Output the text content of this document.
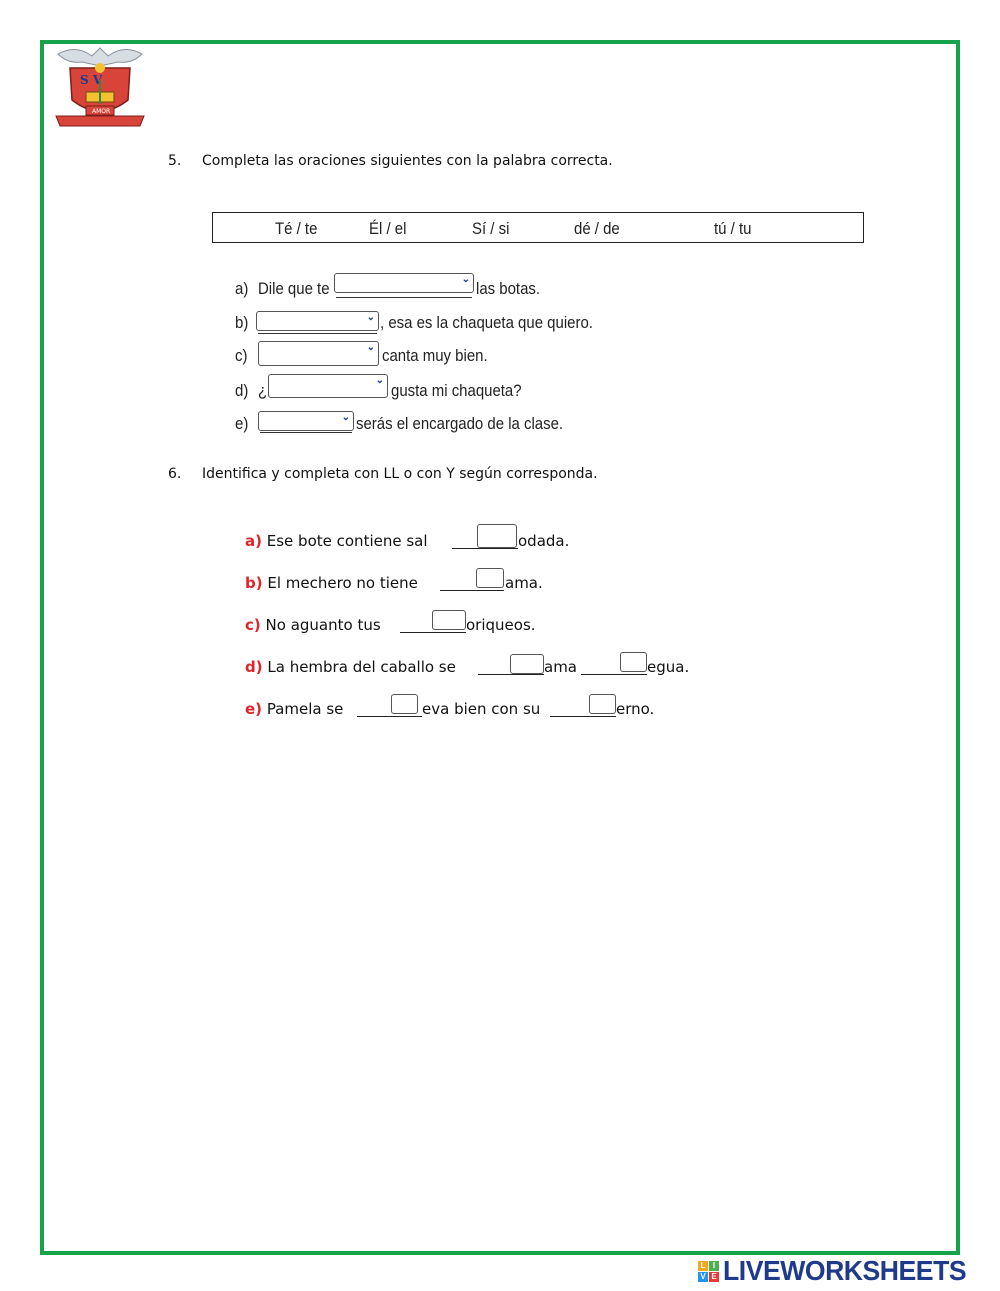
S V
AMOR
5. Completa las oraciones siguientes con la palabra correcta.
Té / te	Él / el	Sí / si	dé / de	tú / tu
a) Dile que te	las botas.
⌄
b)	, esa es la chaqueta que quiero.
⌄
c)	canta muy bien.
⌄
d) ¿	gusta mi chaqueta?
⌄
e)	serás el encargado de la clase.
⌄
6. Identifica y completa con LL o con Y según corresponda.
a) Ese bote contiene sal	odada.
b) El mechero no tiene	ama.
c) No aguanto tus	oriqueos.
d) La hembra del caballo se	ama	egua.
e) Pamela se	eva bien con su	erno.
L I
V E LIVEWORKSHEETS
